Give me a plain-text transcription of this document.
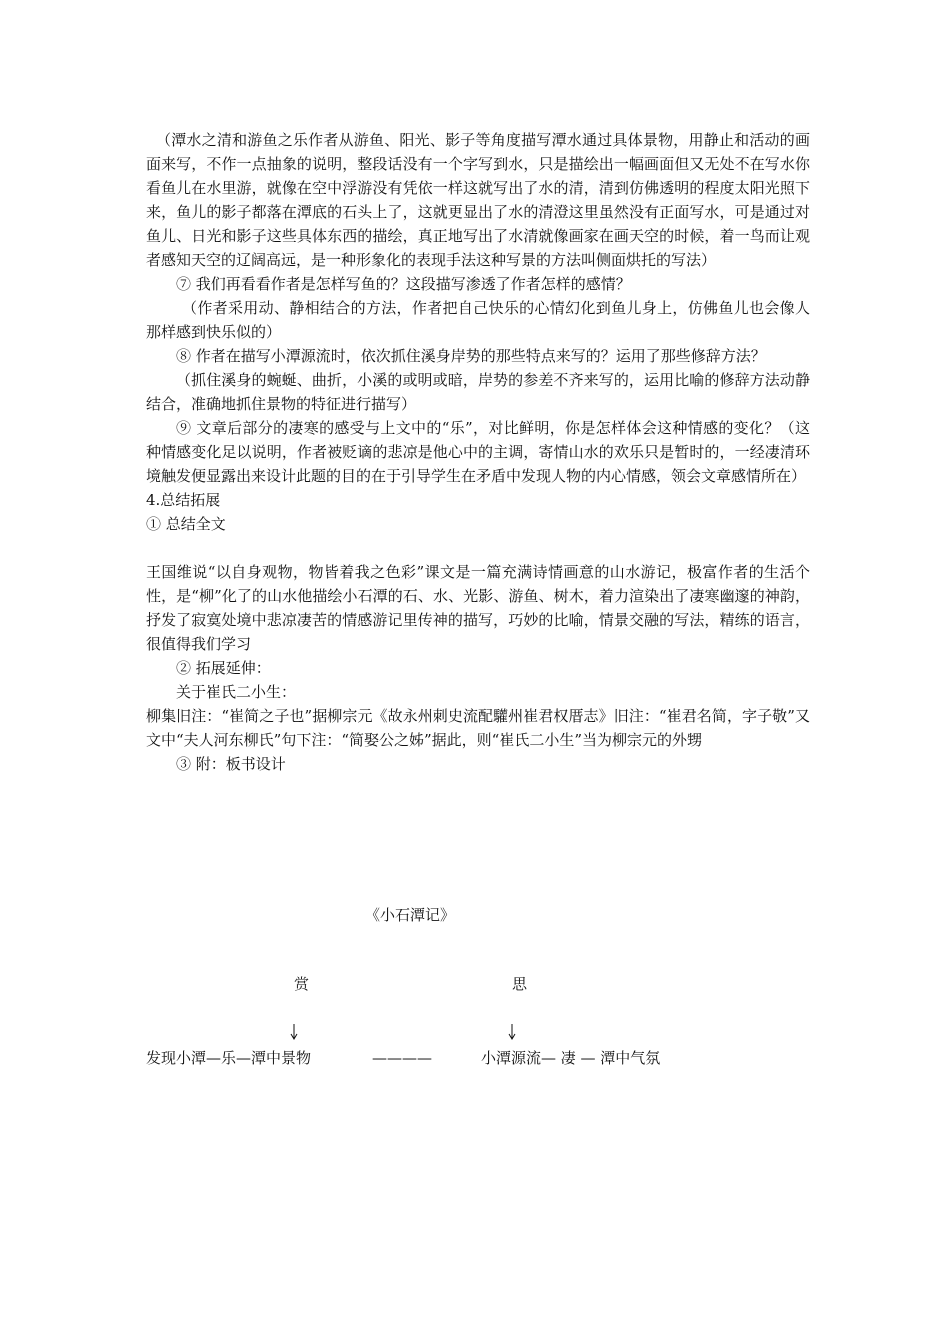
（潭水之清和游鱼之乐作者从游鱼、阳光、影子等角度描写潭水通过具体景物，用静止和活动的画面来写，不作一点抽象的说明，整段话没有一个字写到水，只是描绘出一幅画面但又无处不在写水你看鱼儿在水里游，就像在空中浮游没有凭依一样这就写出了水的清，清到仿佛透明的程度太阳光照下来，鱼儿的影子都落在潭底的石头上了，这就更显出了水的清澄这里虽然没有正面写水，可是通过对鱼儿、日光和影子这些具体东西的描绘，真正地写出了水清就像画家在画天空的时候，着一鸟而让观者感知天空的辽阔高远，是一种形象化的表现手法这种写景的方法叫侧面烘托的写法）

⑦ 我们再看看作者是怎样写鱼的？这段描写渗透了作者怎样的感情？

（作者采用动、静相结合的方法，作者把自己快乐的心情幻化到鱼儿身上，仿佛鱼儿也会像人那样感到快乐似的）

⑧ 作者在描写小潭源流时，依次抓住溪身岸势的那些特点来写的？运用了那些修辞方法？

（抓住溪身的蜿蜒、曲折，小溪的或明或暗，岸势的参差不齐来写的，运用比喻的修辞方法动静结合，准确地抓住景物的特征进行描写）

⑨ 文章后部分的凄寒的感受与上文中的“乐”，对比鲜明，你是怎样体会这种情感的变化？（这种情感变化足以说明，作者被贬谪的悲凉是他心中的主调，寄情山水的欢乐只是暂时的，一经凄清环境触发便显露出来设计此题的目的在于引导学生在矛盾中发现人物的内心情感，领会文章感情所在）

4.总结拓展

① 总结全文

王国维说“以自身观物，物皆着我之色彩”课文是一篇充满诗情画意的山水游记，极富作者的生活个性，是“柳”化了的山水他描绘小石潭的石、水、光影、游鱼、树木，着力渲染出了凄寒幽邃的神韵，抒发了寂寞处境中悲凉凄苦的情感游记里传神的描写，巧妙的比喻，情景交融的写法，精练的语言，很值得我们学习

② 拓展延伸：

关于崔氏二小生：

柳集旧注：“崔简之子也”据柳宗元《故永州刺史流配驩州崔君权厝志》旧注：“崔君名简，字子敬”又文中“夫人河东柳氏”句下注：“简娶公之姊”据此，则“崔氏二小生”当为柳宗元的外甥

③ 附：板书设计

《小石潭记》
赏	思
发现小潭—乐—潭中景物	————	小潭源流— 凄 — 潭中气氛
